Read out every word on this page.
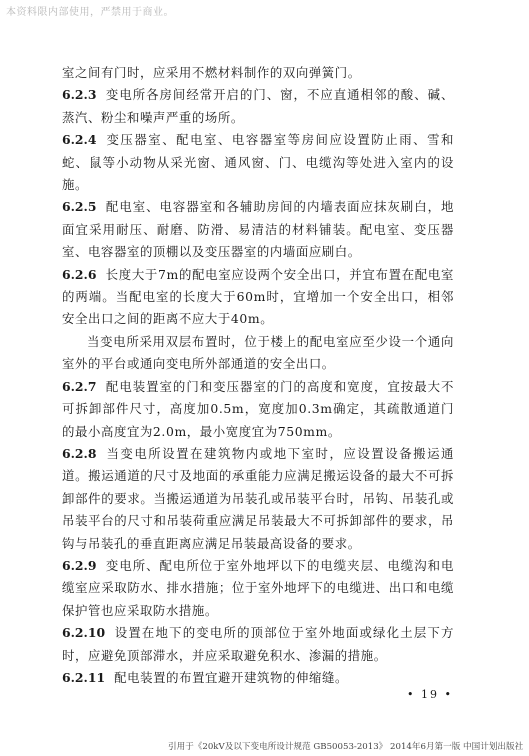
本资料限内部使用，严禁用于商业。

室之间有门时，应采用不燃材料制作的双向弹簧门。

6.2.3 变电所各房间经常开启的门、窗，不应直通相邻的酸、碱、蒸汽、粉尘和噪声严重的场所。

6.2.4 变压器室、配电室、电容器室等房间应设置防止雨、雪和蛇、鼠等小动物从采光窗、通风窗、门、电缆沟等处进入室内的设施。

6.2.5 配电室、电容器室和各辅助房间的内墙表面应抹灰刷白，地面宜采用耐压、耐磨、防滑、易清洁的材料铺装。配电室、变压器室、电容器室的顶棚以及变压器室的内墙面应刷白。

6.2.6 长度大于7m的配电室应设两个安全出口，并宜布置在配电室的两端。当配电室的长度大于60m时，宜增加一个安全出口，相邻安全出口之间的距离不应大于40m。

当变电所采用双层布置时，位于楼上的配电室应至少设一个通向室外的平台或通向变电所外部通道的安全出口。

6.2.7 配电装置室的门和变压器室的门的高度和宽度，宜按最大不可拆卸部件尺寸，高度加0.5m，宽度加0.3m确定，其疏散通道门的最小高度宜为2.0m，最小宽度宜为750mm。

6.2.8 当变电所设置在建筑物内或地下室时，应设置设备搬运通道。搬运通道的尺寸及地面的承重能力应满足搬运设备的最大不可拆卸部件的要求。当搬运通道为吊装孔或吊装平台时，吊钩、吊装孔或吊装平台的尺寸和吊装荷重应满足吊装最大不可拆卸部件的要求，吊钩与吊装孔的垂直距离应满足吊装最高设备的要求。

6.2.9 变电所、配电所位于室外地坪以下的电缆夹层、电缆沟和电缆室应采取防水、排水措施；位于室外地坪下的电缆进、出口和电缆保护管也应采取防水措施。

6.2.10 设置在地下的变电所的顶部位于室外地面或绿化土层下方时，应避免顶部滞水，并应采取避免积水、渗漏的措施。

6.2.11 配电装置的布置宜避开建筑物的伸缩缝。

• 19 •
引用于《20kV及以下变电所设计规范 GB50053-2013》 2014年6月第一版 中国计划出版社
